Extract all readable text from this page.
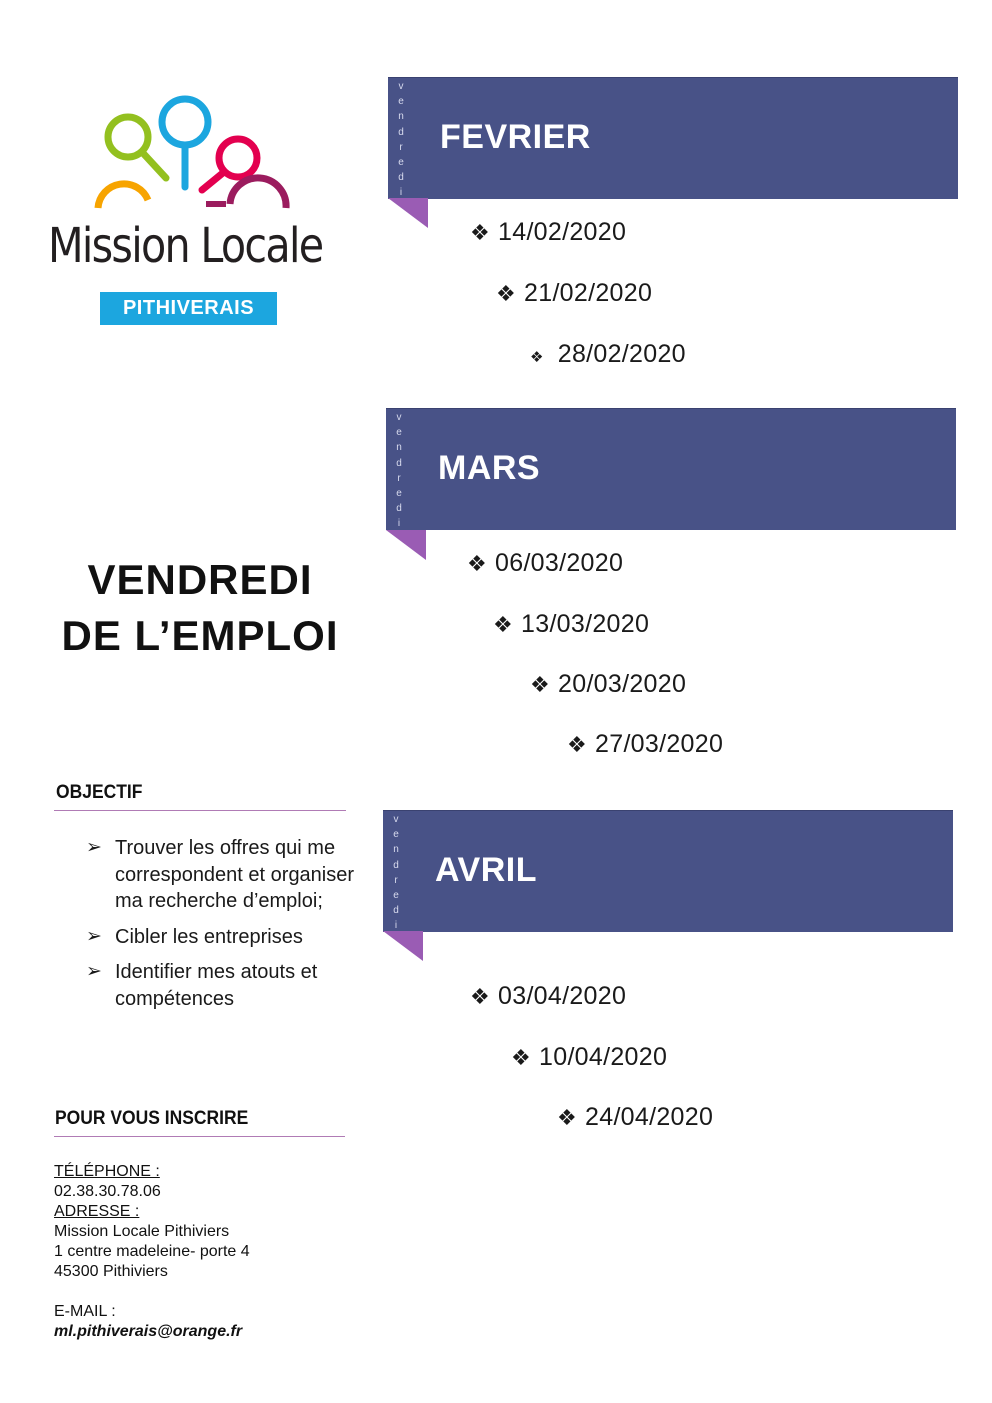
Mission Locale
PITHIVERAIS
VENDREDI
DE L’EMPLOI
OBJECTIF
➢ Trouver les offres qui me correspondent et organiser ma recherche d’emploi;
➢ Cibler les entreprises
➢ Identifier mes atouts et compétences
POUR VOUS INSCRIRE
TÉLÉPHONE :
02.38.30.78.06
ADRESSE :
Mission Locale Pithiviers
1 centre madeleine- porte 4
45300 Pithiviers
E-MAIL :
ml.pithiverais@orange.fr
v
e
n
d
r
e
d
i
FEVRIER
❖ 14/02/2020
❖ 21/02/2020
❖ 28/02/2020
v
e
n
d
r
e
d
i
MARS
❖ 06/03/2020
❖ 13/03/2020
❖ 20/03/2020
❖ 27/03/2020
v
e
n
d
r
e
d
i
AVRIL
❖ 03/04/2020
❖ 10/04/2020
❖ 24/04/2020
